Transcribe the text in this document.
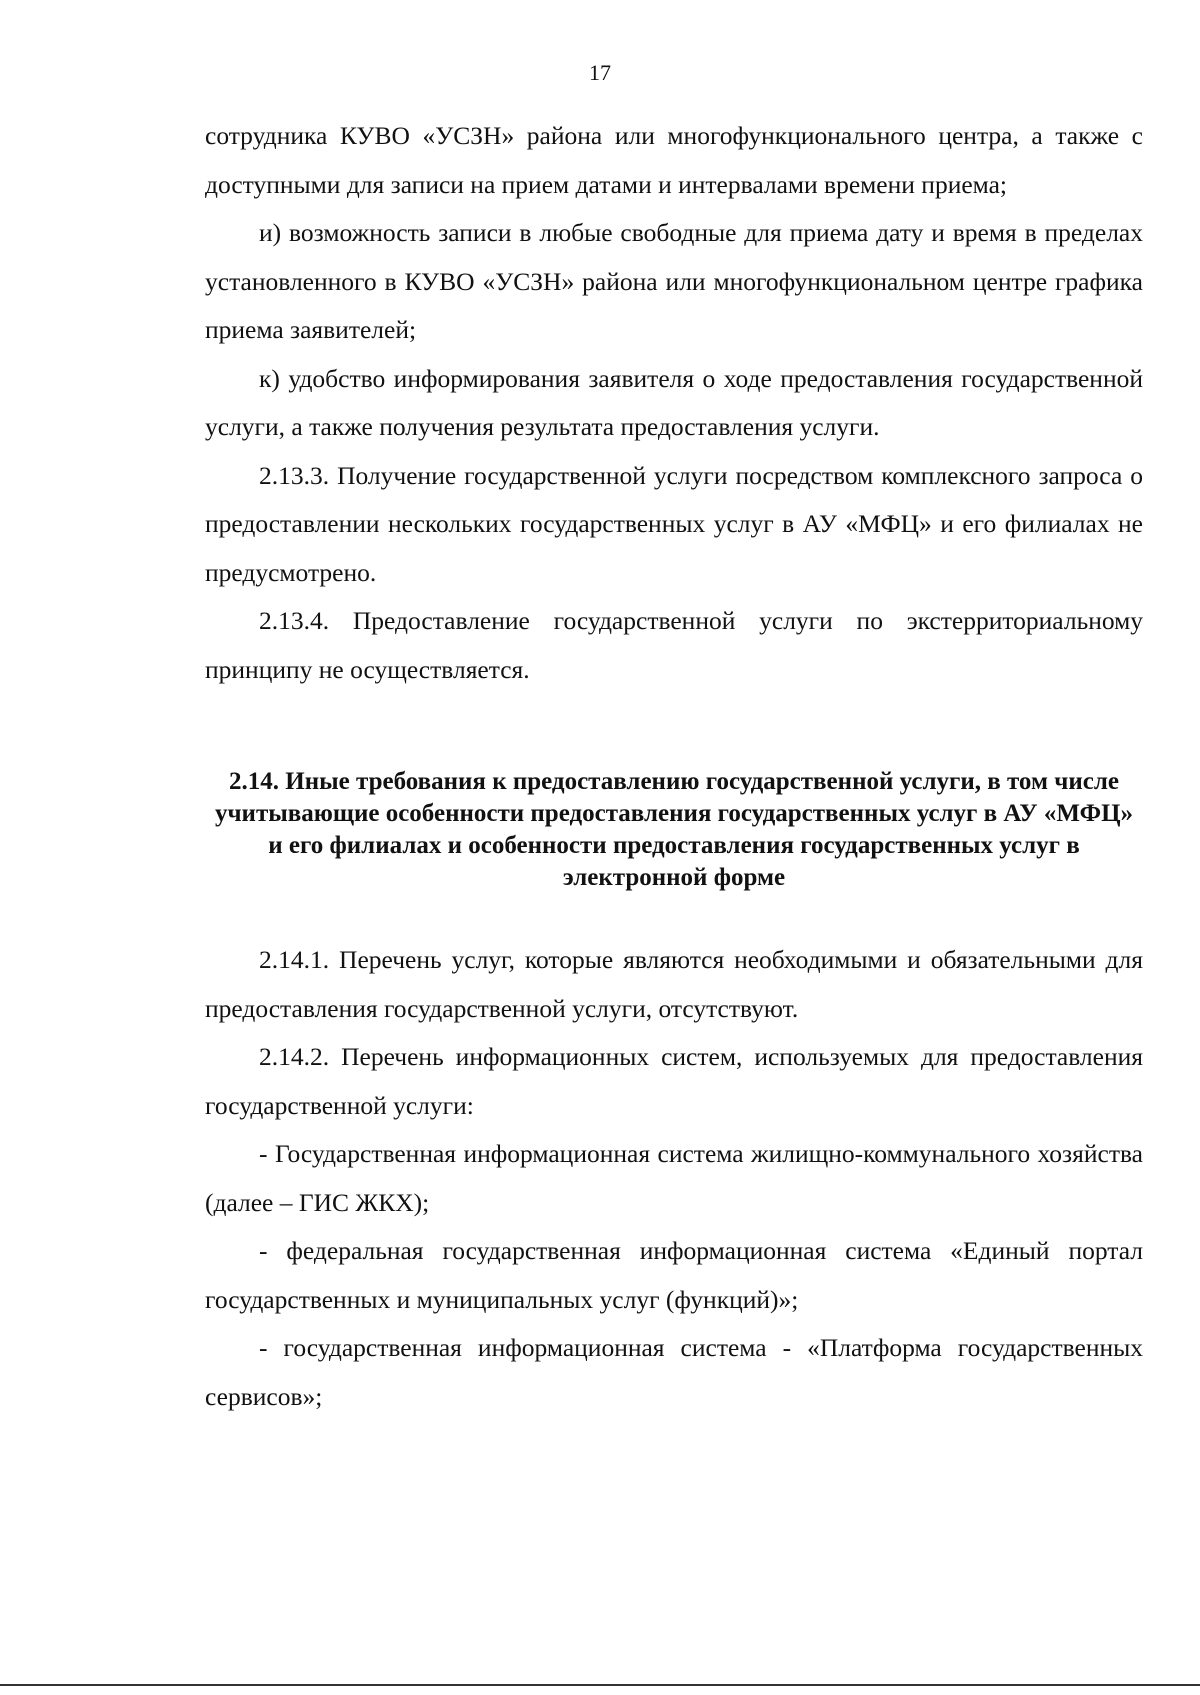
17

сотрудника КУВО «УСЗН» района или многофункционального центра, а также с доступными для записи на прием датами и интервалами времени приема;

и) возможность записи в любые свободные для приема дату и время в пределах установленного в КУВО «УСЗН» района или многофункциональном центре графика приема заявителей;

к) удобство информирования заявителя о ходе предоставления государственной услуги, а также получения результата предоставления услуги.

2.13.3. Получение государственной услуги посредством комплексного запроса о предоставлении нескольких государственных услуг в АУ «МФЦ» и его филиалах не предусмотрено.

2.13.4. Предоставление государственной услуги по экстерриториальному принципу не осуществляется.

2.14. Иные требования к предоставлению государственной услуги, в том числе учитывающие особенности предоставления государственных услуг в АУ «МФЦ» и его филиалах и особенности предоставления государственных услуг в электронной форме

2.14.1. Перечень услуг, которые являются необходимыми и обязательными для предоставления государственной услуги, отсутствуют.

2.14.2. Перечень информационных систем, используемых для предоставления государственной услуги:

- Государственная информационная система жилищно-коммунального хозяйства (далее – ГИС ЖКХ);

- федеральная государственная информационная система «Единый портал государственных и муниципальных услуг (функций)»;

- государственная информационная система - «Платформа государственных сервисов»;
